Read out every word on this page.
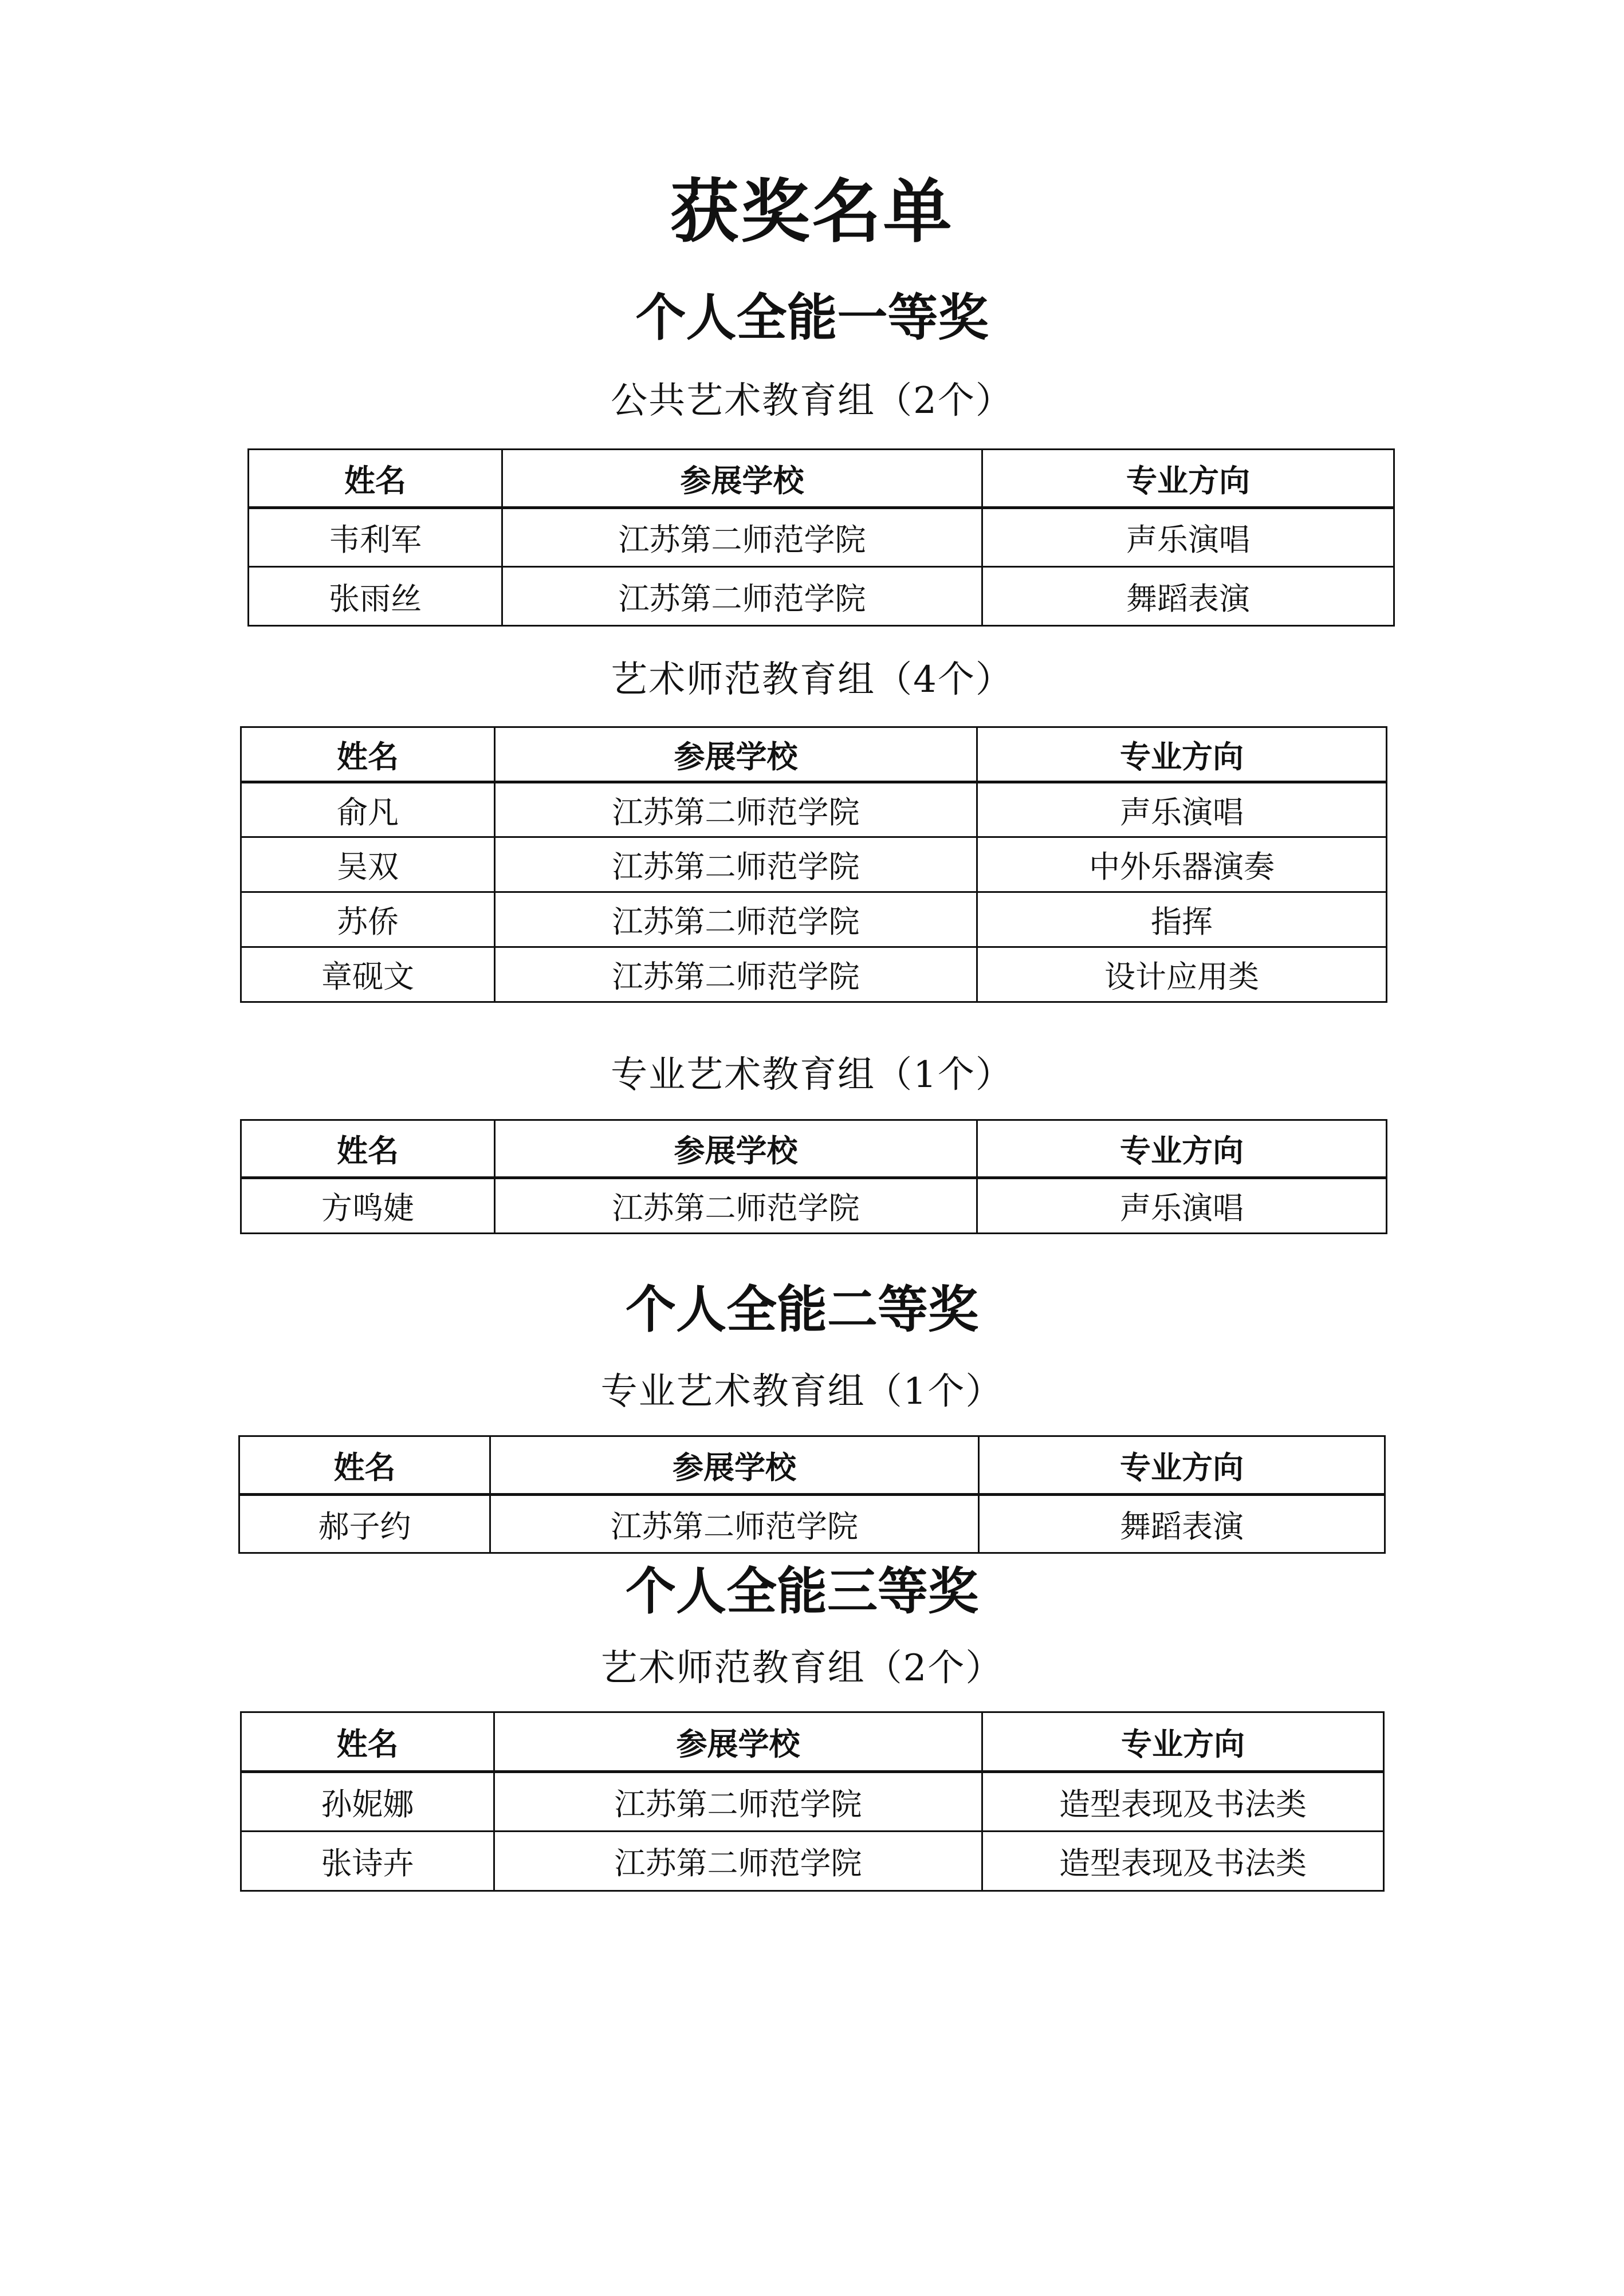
获奖名单
个人全能一等奖
公共艺术教育组（2个）
姓名	参展学校	专业方向
韦利军	江苏第二师范学院	声乐演唱
张雨丝	江苏第二师范学院	舞蹈表演
艺术师范教育组（4个）
姓名	参展学校	专业方向
俞凡	江苏第二师范学院	声乐演唱
吴双	江苏第二师范学院	中外乐器演奏
苏侨	江苏第二师范学院	指挥
章砚文	江苏第二师范学院	设计应用类
专业艺术教育组（1个）
姓名	参展学校	专业方向
方鸣婕	江苏第二师范学院	声乐演唱
个人全能二等奖
专业艺术教育组（1个）
姓名	参展学校	专业方向
郝子约	江苏第二师范学院	舞蹈表演
个人全能三等奖
艺术师范教育组（2个）
姓名	参展学校	专业方向
孙妮娜	江苏第二师范学院	造型表现及书法类
张诗卉	江苏第二师范学院	造型表现及书法类
